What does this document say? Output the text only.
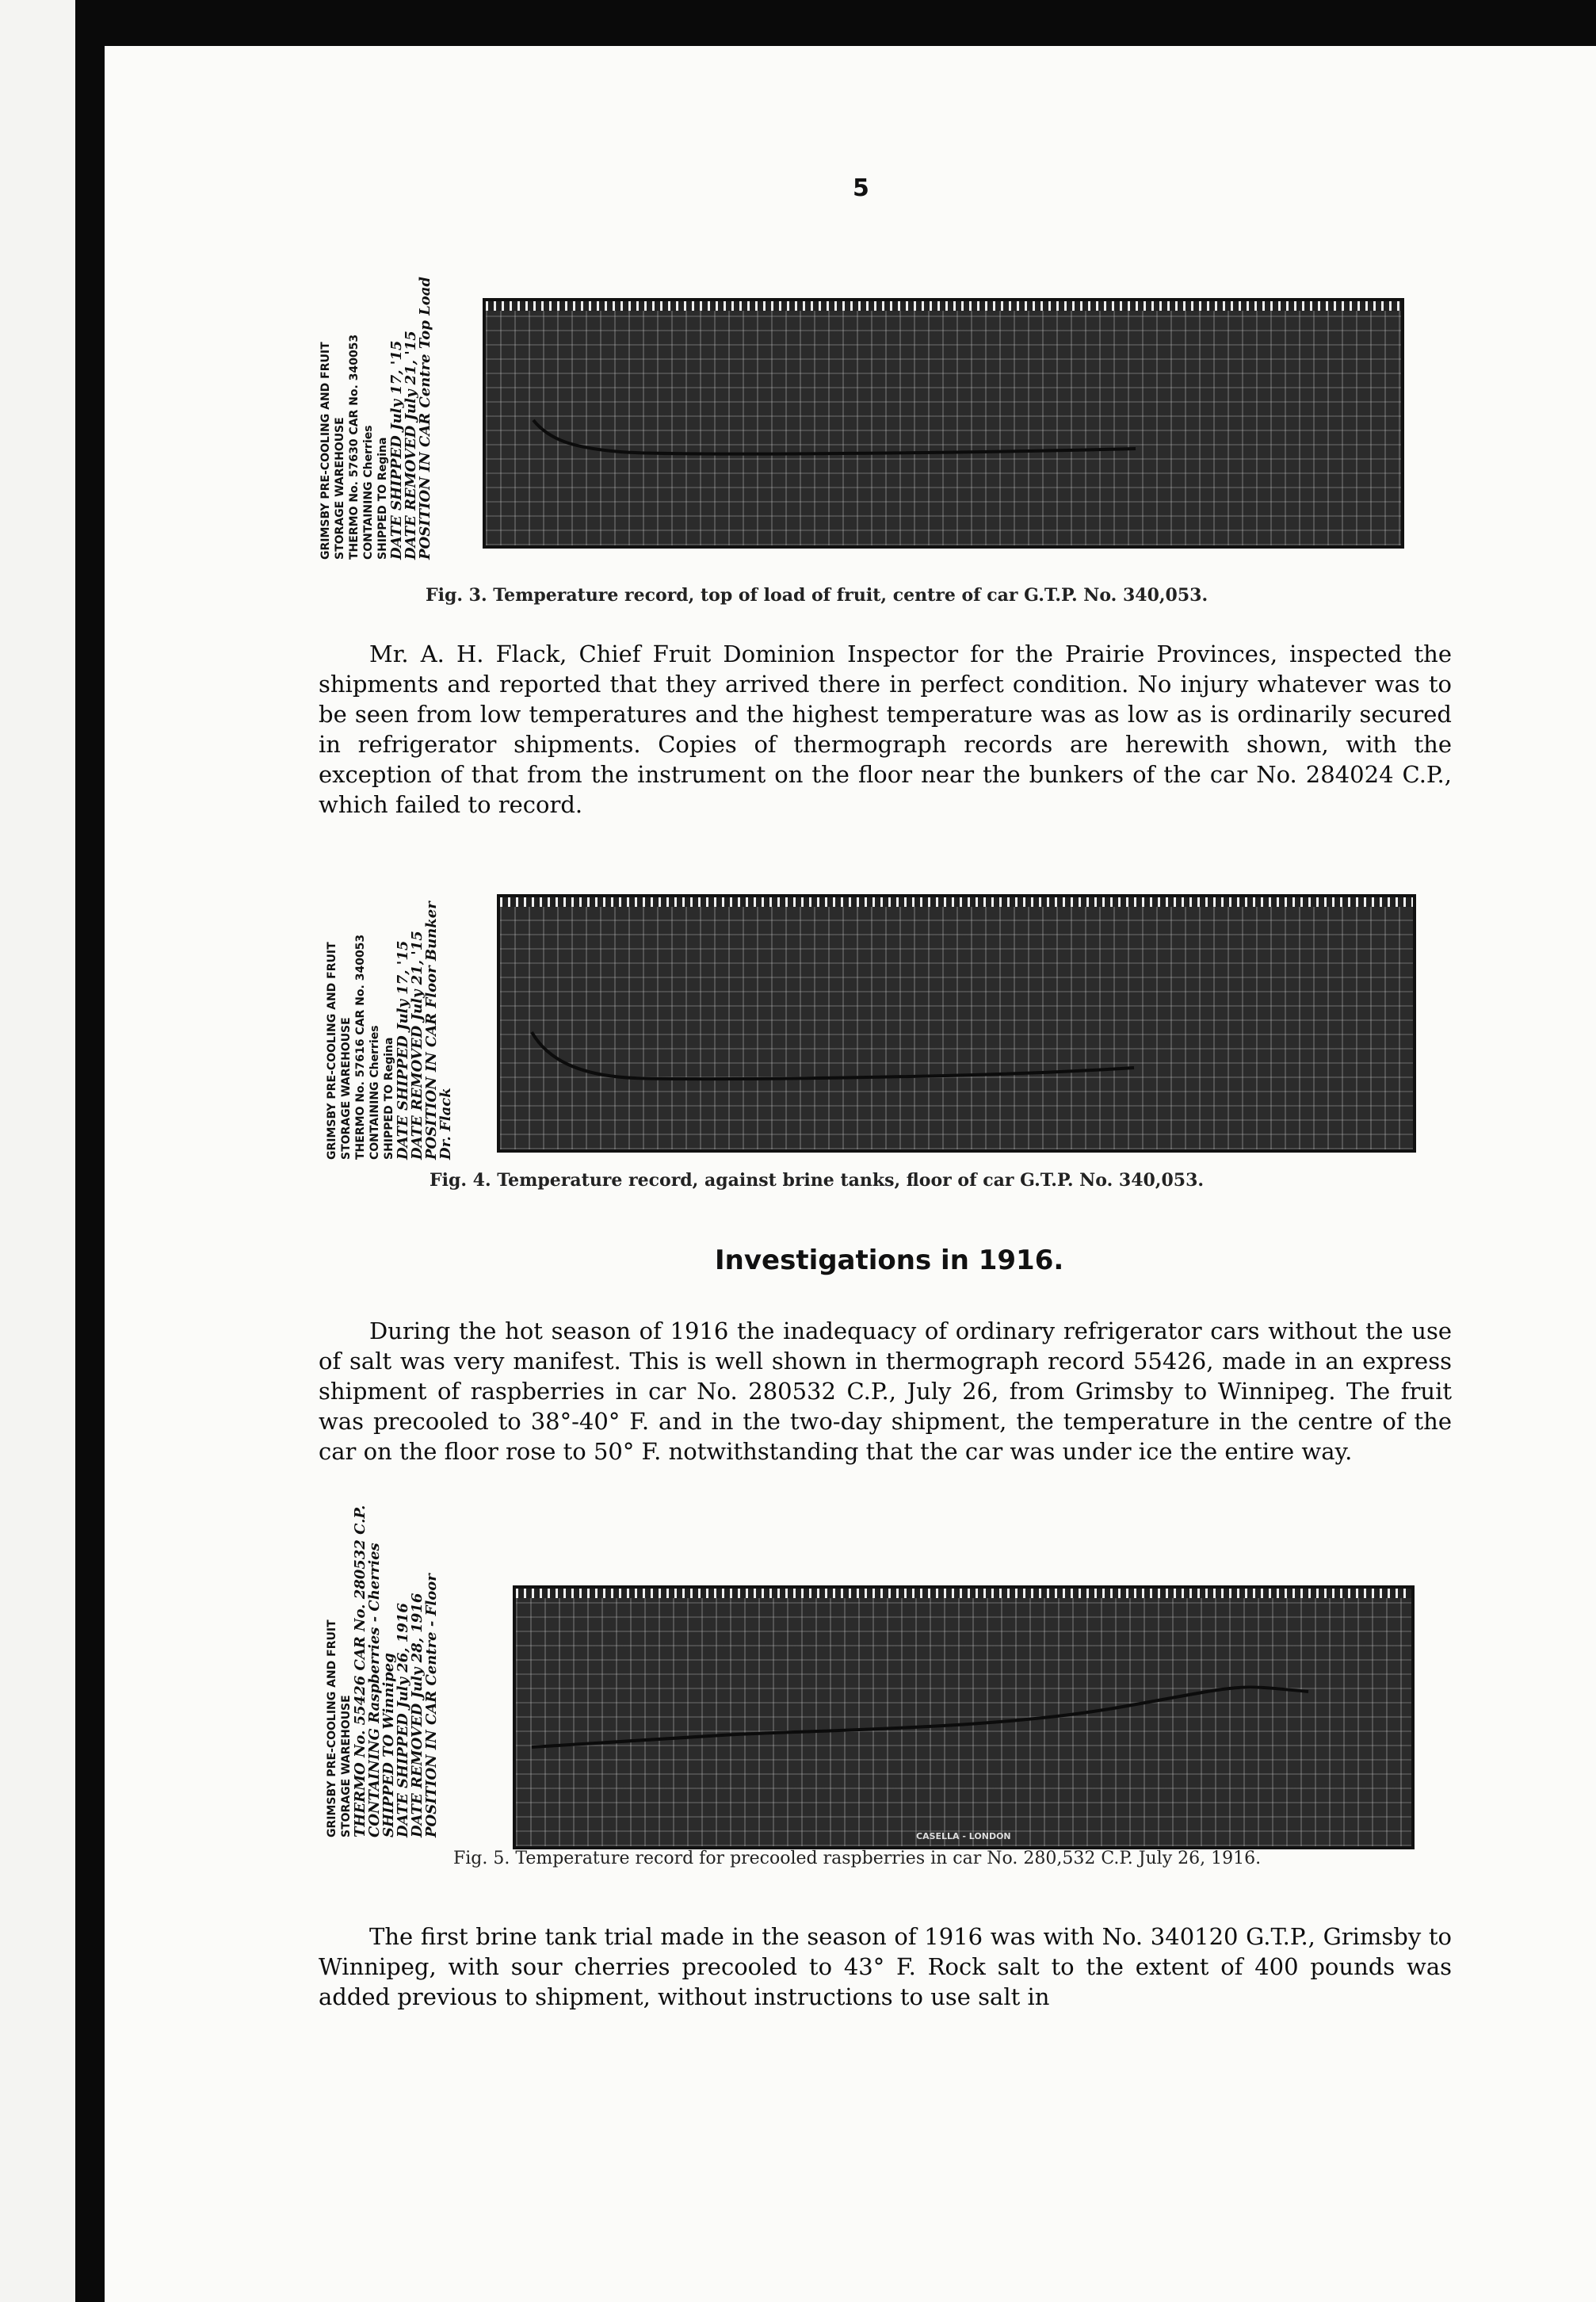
5
GRIMSBY PRE-COOLING AND FRUIT STORAGE WAREHOUSE THERMO No. 57630 CAR No. 340053 CONTAINING Cherries SHIPPED TO Regina DATE SHIPPED July 17, '15
DATE REMOVED July 21, '15
POSITION IN CAR Centre Top Load
Fig. 3. Temperature record, top of load of fruit, centre of car G.T.P. No. 340,053.
Mr. A. H. Flack, Chief Fruit Dominion Inspector for the Prairie Provinces, inspected the shipments and reported that they arrived there in perfect condition. No injury whatever was to be seen from low temperatures and the highest temperature was as low as is ordinarily secured in refrigerator shipments. Copies of thermograph records are herewith shown, with the exception of that from the instrument on the floor near the bunkers of the car No. 284024 C.P., which failed to record.
GRIMSBY PRE-COOLING AND FRUIT STORAGE WAREHOUSE THERMO No. 57616 CAR No. 340053 CONTAINING Cherries SHIPPED TO Regina DATE SHIPPED July 17, '15
DATE REMOVED July 21, '15
POSITION IN CAR Floor Bunker
Dr. Flack
Fig. 4. Temperature record, against brine tanks, floor of car G.T.P. No. 340,053.
Investigations in 1916.
During the hot season of 1916 the inadequacy of ordinary refrigerator cars without the use of salt was very manifest. This is well shown in thermograph record 55426, made in an express shipment of raspberries in car No. 280532 C.P., July 26, from Grimsby to Winnipeg. The fruit was precooled to 38°-40° F. and in the two-day shipment, the temperature in the centre of the car on the floor rose to 50° F. notwithstanding that the car was under ice the entire way.
GRIMSBY PRE-COOLING AND FRUIT STORAGE WAREHOUSE THERMO No. 55426 CAR No. 280532 C.P.
CONTAINING Raspberries - Cherries
SHIPPED TO Winnipeg
DATE SHIPPED July 26, 1916
DATE REMOVED July 28, 1916
POSITION IN CAR Centre - Floor	CASELLA - LONDON
Fig. 5. Temperature record for precooled raspberries in car No. 280,532 C.P. July 26, 1916.
The first brine tank trial made in the season of 1916 was with No. 340120 G.T.P., Grimsby to Winnipeg, with sour cherries precooled to 43° F. Rock salt to the extent of 400 pounds was added previous to shipment, without instructions to use salt in
